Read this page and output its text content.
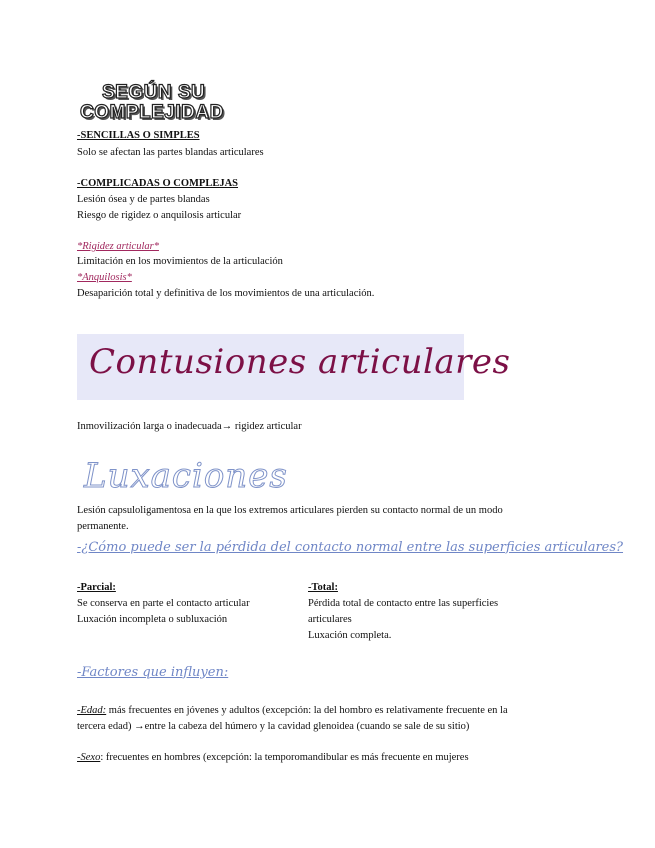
SEGÚN SU
COMPLEJIDAD
-SENCILLAS O SIMPLES
Solo se afectan las partes blandas articulares
-COMPLICADAS O COMPLEJAS
Lesión ósea y de partes blandas
Riesgo de rigidez o anquilosis articular
*Rigidez articular*
Limitación en los movimientos de la articulación
*Anquilosis*
Desaparición total y definitiva de los movimientos de una articulación.
Contusiones articulares
Inmovilización larga o inadecuada→ rigidez articular
Luxaciones
Lesión capsuloligamentosa en la que los extremos articulares pierden su contacto normal de un modo
permanente.
-¿Cómo puede ser la pérdida del contacto normal entre las superficies articulares?
-Parcial:
Se conserva en parte el contacto articular
Luxación incompleta o subluxación
-Total:
Pérdida total de contacto entre las superficies
articulares
Luxación completa.
-Factores que influyen:
-Edad: más frecuentes en jóvenes y adultos (excepción: la del hombro es relativamente frecuente en la
tercera edad) →entre la cabeza del húmero y la cavidad glenoidea (cuando se sale de su sitio)
-Sexo: frecuentes en hombres (excepción: la temporomandibular es más frecuente en mujeres
